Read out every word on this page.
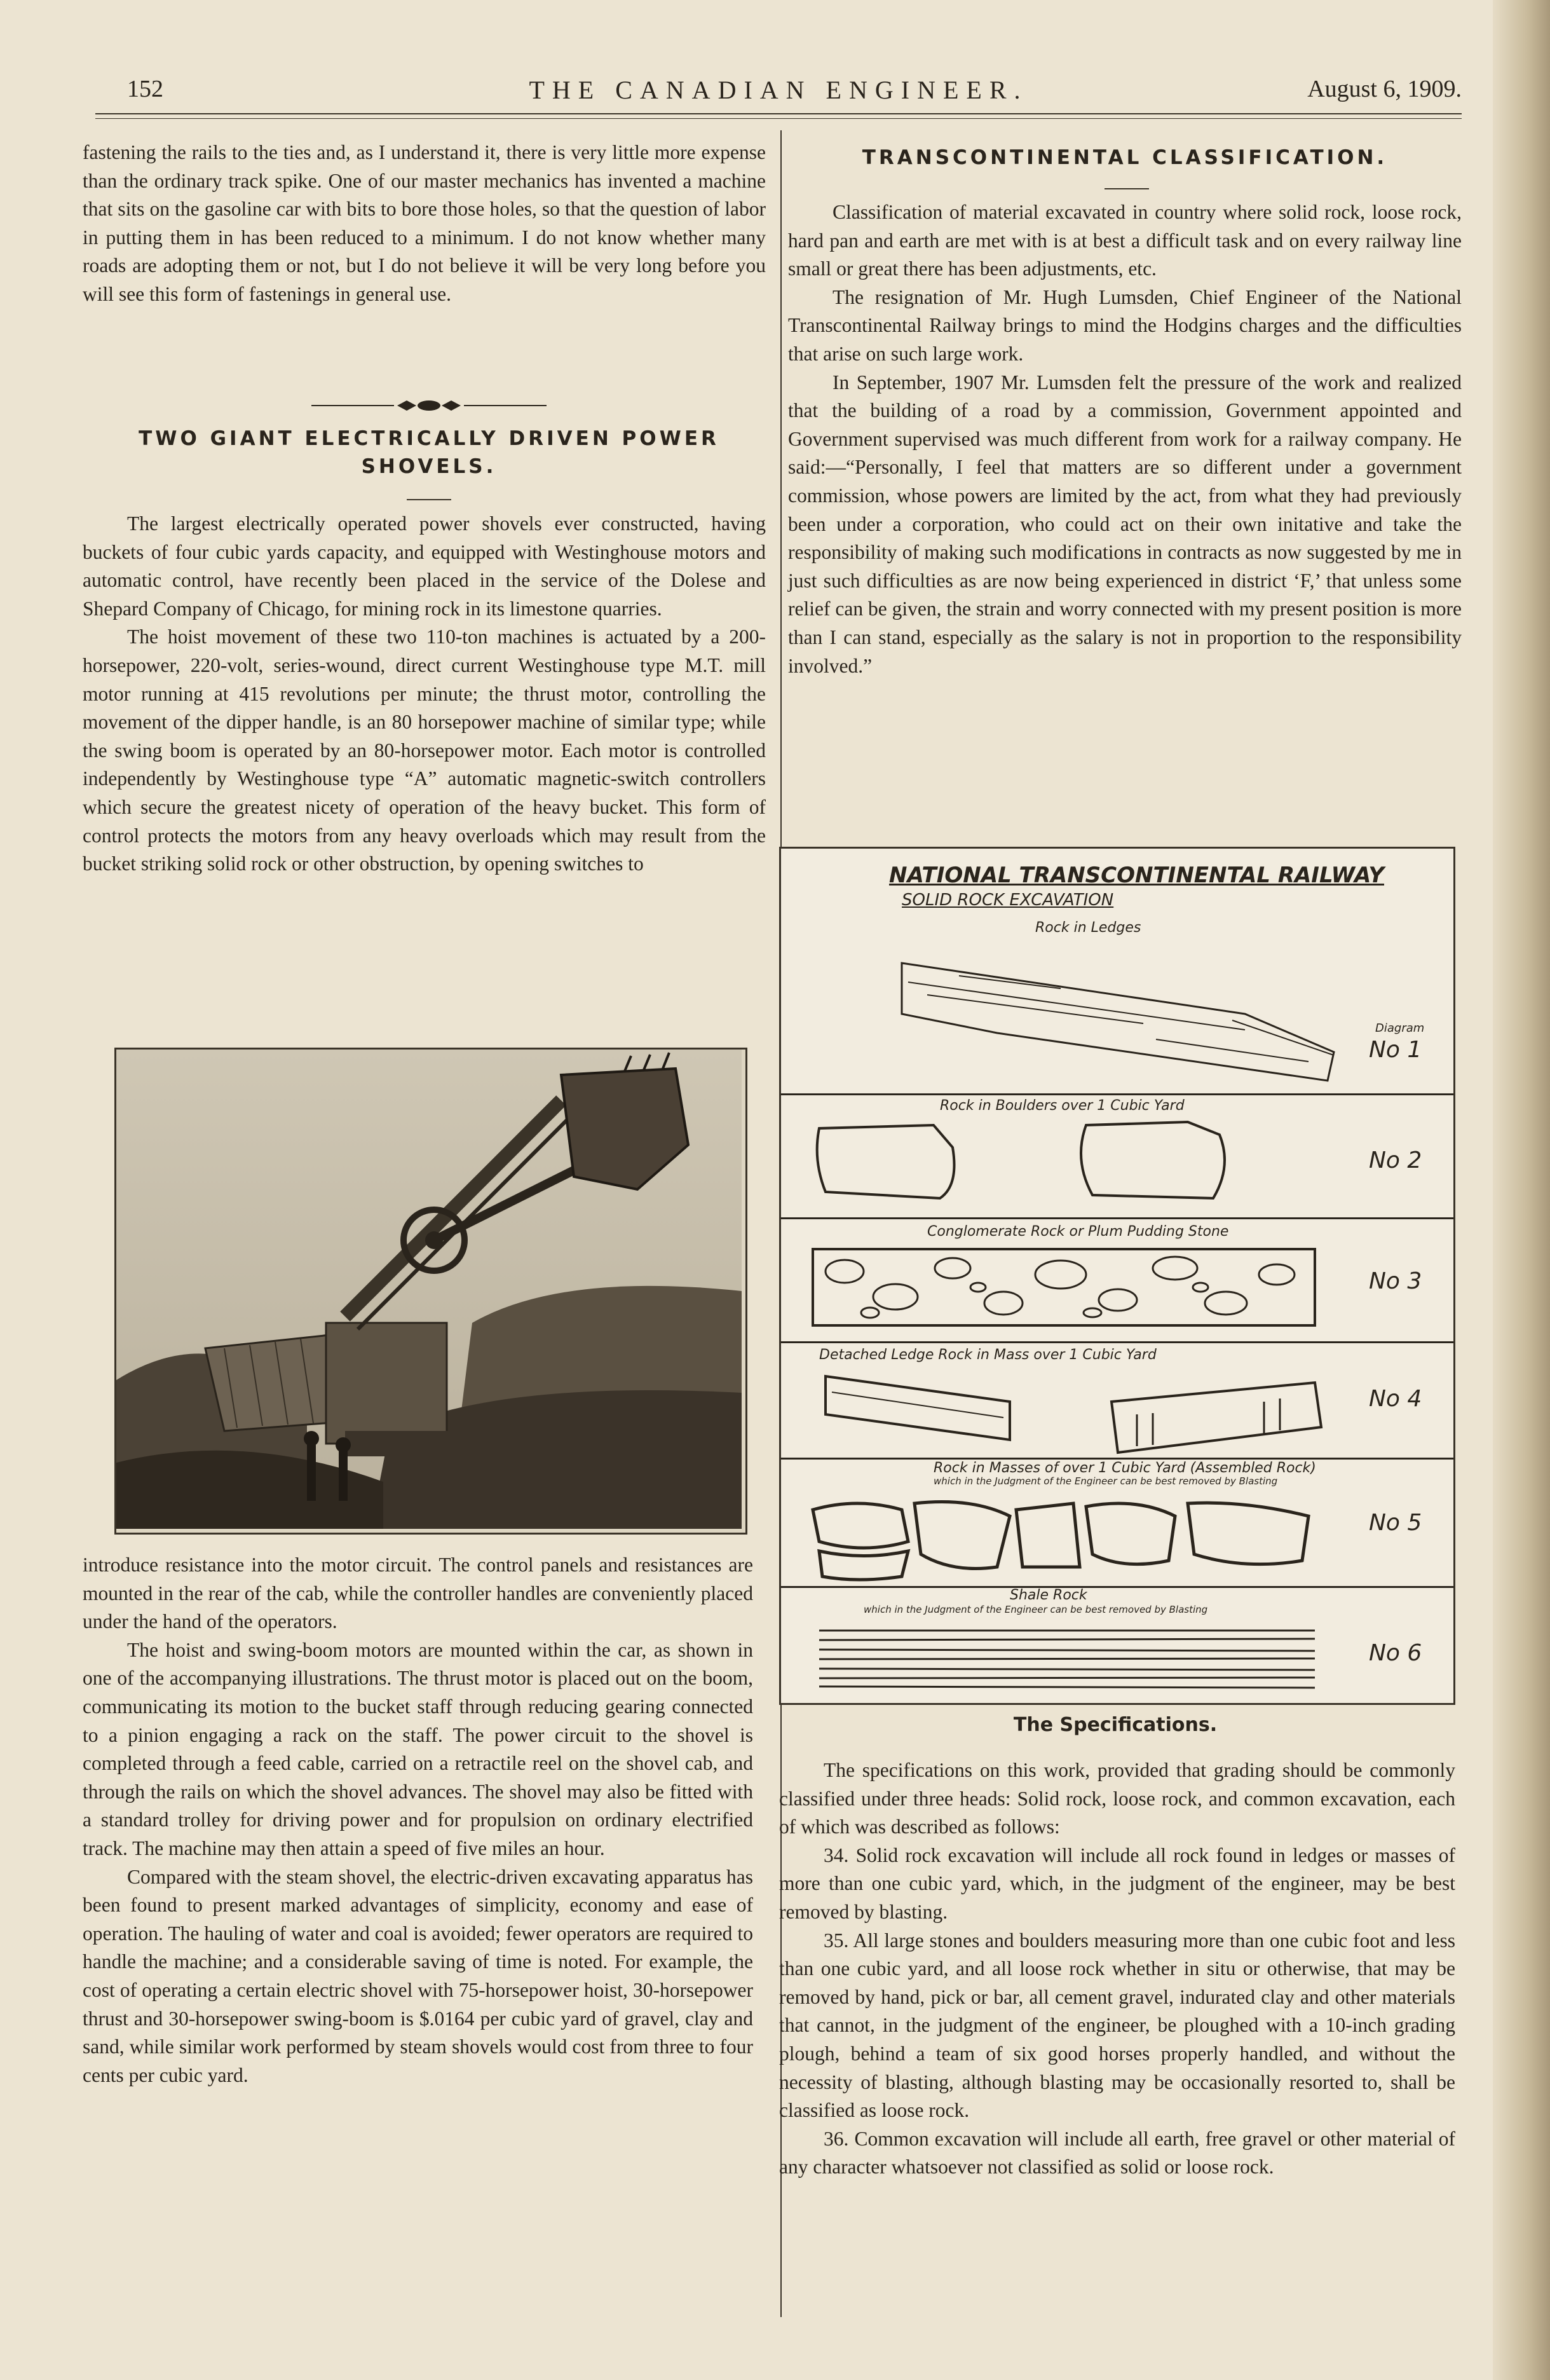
152	THE CANADIAN ENGINEER.	August 6, 1909.

fastening the rails to the ties and, as I understand it, there is very little more expense than the ordinary track spike. One of our master mechanics has invented a machine that sits on the gasoline car with bits to bore those holes, so that the question of labor in putting them in has been reduced to a minimum. I do not know whether many roads are adopting them or not, but I do not believe it will be very long before you will see this form of fastenings in general use.

TWO GIANT ELECTRICALLY DRIVEN POWER SHOVELS.

The largest electrically operated power shovels ever constructed, having buckets of four cubic yards capacity, and equipped with Westinghouse motors and automatic control, have recently been placed in the service of the Dolese and Shepard Company of Chicago, for mining rock in its limestone quarries.

The hoist movement of these two 110-ton machines is actuated by a 200-horsepower, 220-volt, series-wound, direct current Westinghouse type M.T. mill motor running at 415 revolutions per minute; the thrust motor, controlling the movement of the dipper handle, is an 80 horsepower machine of similar type; while the swing boom is operated by an 80-horsepower motor. Each motor is controlled independently by Westinghouse type “A” automatic magnetic-switch controllers which secure the greatest nicety of operation of the heavy bucket. This form of control protects the motors from any heavy overloads which may result from the bucket striking solid rock or other obstruction, by opening switches to

introduce resistance into the motor circuit. The control panels and resistances are mounted in the rear of the cab, while the controller handles are conveniently placed under the hand of the operators.

The hoist and swing-boom motors are mounted within the car, as shown in one of the accompanying illustrations. The thrust motor is placed out on the boom, communicating its motion to the bucket staff through reducing gearing connected to a pinion engaging a rack on the staff. The power circuit to the shovel is completed through a feed cable, carried on a retractile reel on the shovel cab, and through the rails on which the shovel advances. The shovel may also be fitted with a standard trolley for driving power and for propulsion on ordinary electrified track. The machine may then attain a speed of five miles an hour.

Compared with the steam shovel, the electric-driven excavating apparatus has been found to present marked advantages of simplicity, economy and ease of operation. The hauling of water and coal is avoided; fewer operators are required to handle the machine; and a considerable saving of time is noted. For example, the cost of operating a certain electric shovel with 75-horsepower hoist, 30-horsepower thrust and 30-horsepower swing-boom is $.0164 per cubic yard of gravel, clay and sand, while similar work performed by steam shovels would cost from three to four cents per cubic yard.

TRANSCONTINENTAL CLASSIFICATION.

Classification of material excavated in country where solid rock, loose rock, hard pan and earth are met with is at best a difficult task and on every railway line small or great there has been adjustments, etc.

The resignation of Mr. Hugh Lumsden, Chief Engineer of the National Transcontinental Railway brings to mind the Hodgins charges and the difficulties that arise on such large work.

In September, 1907 Mr. Lumsden felt the pressure of the work and realized that the building of a road by a commission, Government appointed and Government supervised was much different from work for a railway company. He said:—“Personally, I feel that matters are so different under a government commission, whose powers are limited by the act, from what they had previously been under a corporation, who could act on their own initative and take the responsibility of making such modifications in contracts as now suggested by me in just such difficulties as are now being experienced in district ‘F,’ that unless some relief can be given, the strain and worry connected with my present position is more than I can stand, especially as the salary is not in proportion to the responsibility involved.”

NATIONAL TRANSCONTINENTAL RAILWAY
SOLID ROCK EXCAVATION
Diagram
Rock in Ledges
No 1
Rock in Boulders over 1 Cubic Yard
No 2
Conglomerate Rock or Plum Pudding Stone
No 3
Detached Ledge Rock in Mass over 1 Cubic Yard
No 4
Rock in Masses of over 1 Cubic Yard (Assembled Rock)
which in the Judgment of the Engineer can be best removed by Blasting
No 5
Shale Rock
which in the Judgment of the Engineer can be best removed by Blasting
No 6
The Specifications.

The specifications on this work, provided that grading should be commonly classified under three heads: Solid rock, loose rock, and common excavation, each of which was described as follows:

34. Solid rock excavation will include all rock found in ledges or masses of more than one cubic yard, which, in the judgment of the engineer, may be best removed by blasting.

35. All large stones and boulders measuring more than one cubic foot and less than one cubic yard, and all loose rock whether in situ or otherwise, that may be removed by hand, pick or bar, all cement gravel, indurated clay and other materials that cannot, in the judgment of the engineer, be ploughed with a 10-inch grading plough, behind a team of six good horses properly handled, and without the necessity of blasting, although blasting may be occasionally resorted to, shall be classified as loose rock.

36. Common excavation will include all earth, free gravel or other material of any character whatsoever not classified as solid or loose rock.
